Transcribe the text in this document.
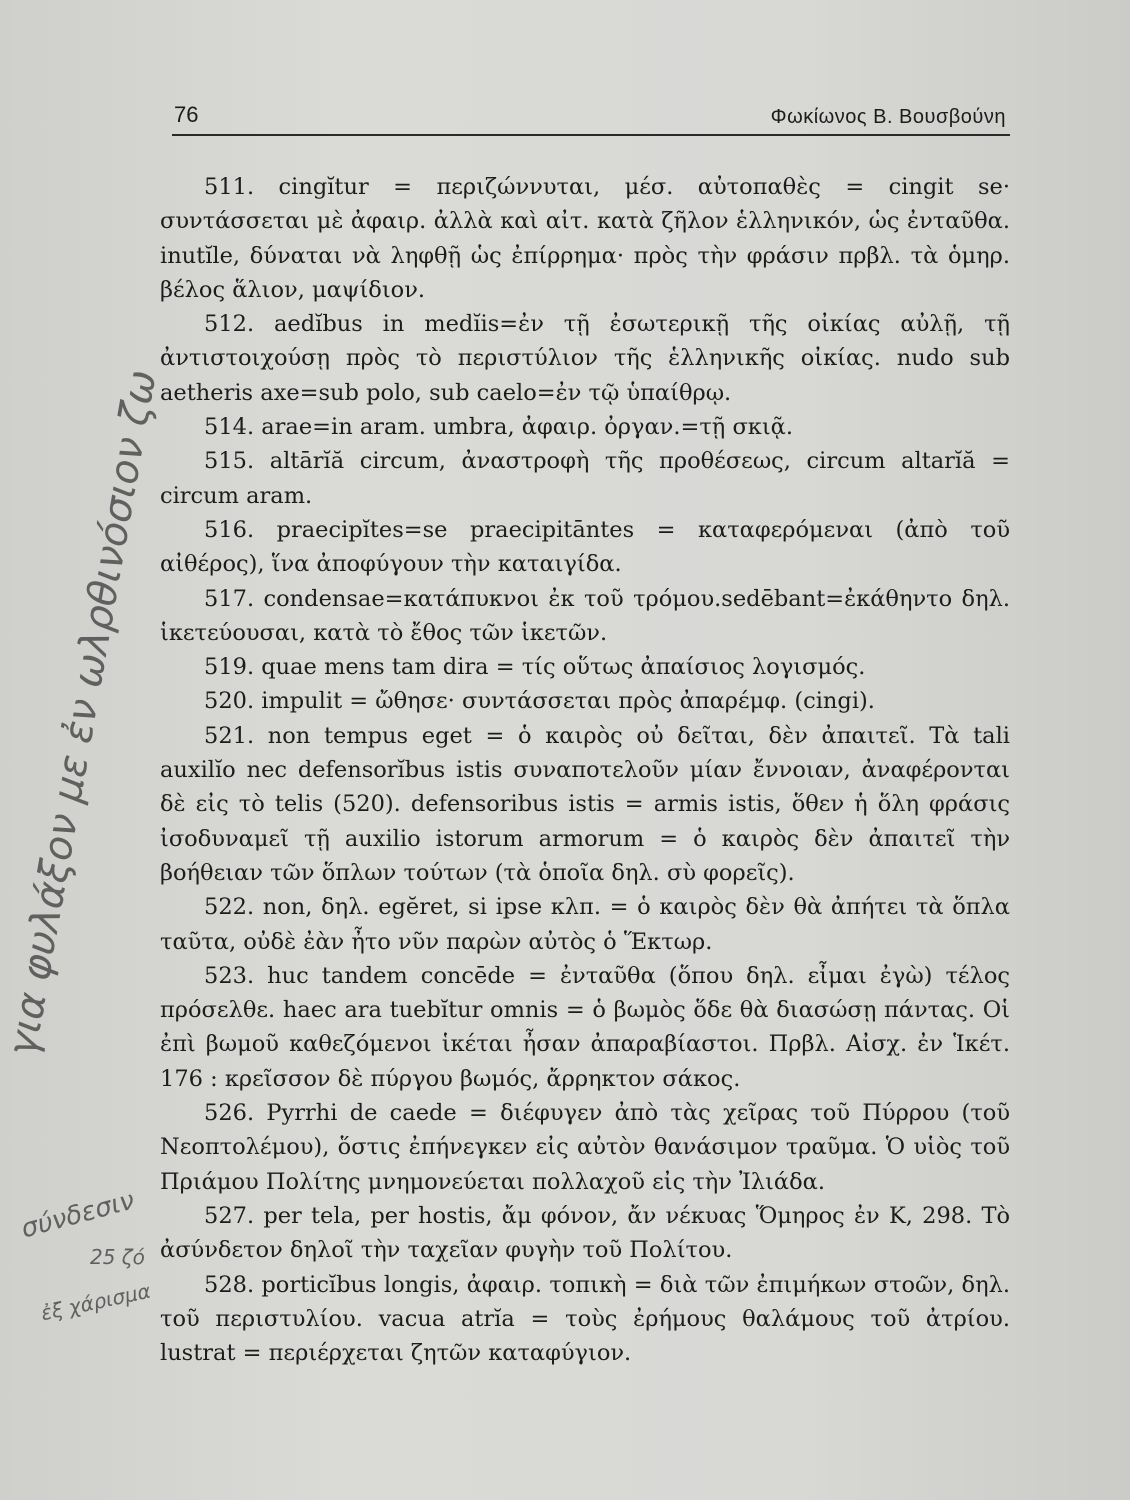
76	Φωκίωνος Β. Βουσβούνη

511. cingĭtur = περιζώννυται, μέσ. αὐτοπαθὲς = cingit se· συντάσσεται μὲ ἀφαιρ. ἀλλὰ καὶ αἰτ. κατὰ ζῆλον ἑλληνικόν, ὡς ἐνταῦθα. inutĭle, δύναται νὰ ληφθῇ ὡς ἐπίρρημα· πρὸς τὴν φράσιν πρβλ. τὰ ὁμηρ. βέλος ἅλιον, μαψίδιον.

512. aedĭbus in medĭis=ἐν τῇ ἐσωτερικῇ τῆς οἰκίας αὐλῇ, τῇ ἀντιστοιχούσῃ πρὸς τὸ περιστύλιον τῆς ἑλληνικῆς οἰκίας. nudo sub aetheris axe=sub polo, sub caelo=ἐν τῷ ὑπαίθρῳ.

514. arae=in aram. umbra, ἀφαιρ. ὀργαν.=τῇ σκιᾷ.

515. altārĭă circum, ἀναστροφὴ τῆς προθέσεως, circum altarĭă = circum aram.

516. praecipĭtes=se praecipitāntes = καταφερόμεναι (ἀπὸ τοῦ αἰθέρος), ἵνα ἀποφύγουν τὴν καταιγίδα.

517. condensae=κατάπυκνοι ἐκ τοῦ τρόμου.sedēbant=ἐκάθηντο δηλ. ἱκετεύουσαι, κατὰ τὸ ἔθος τῶν ἱκετῶν.

519. quae mens tam dira = τίς οὕτως ἀπαίσιος λογισμός.

520. impulit = ὤθησε· συντάσσεται πρὸς ἀπαρέμφ. (cingi).

521. non tempus eget = ὁ καιρὸς οὐ δεῖται, δὲν ἀπαιτεῖ. Τὰ tali auxilĭo nec defensorĭbus istis συναποτελοῦν μίαν ἔννοιαν, ἀναφέρονται δὲ εἰς τὸ telis (520). defensoribus istis = armis istis, ὅθεν ἡ ὅλη φράσις ἰσοδυναμεῖ τῇ auxilio istorum armorum = ὁ καιρὸς δὲν ἀπαιτεῖ τὴν βοήθειαν τῶν ὅπλων τούτων (τὰ ὁποῖα δηλ. σὺ φορεῖς).

522. non, δηλ. egĕret, si ipse κλπ. = ὁ καιρὸς δὲν θὰ ἀπήτει τὰ ὅπλα ταῦτα, οὐδὲ ἐὰν ἦτο νῦν παρὼν αὐτὸς ὁ Ἕκτωρ.

523. huc tandem concēde = ἐνταῦθα (ὅπου δηλ. εἶμαι ἐγὼ) τέλος πρόσελθε. haec ara tuebĭtur omnis = ὁ βωμὸς ὅδε θὰ διασώσῃ πάντας. Οἱ ἐπὶ βωμοῦ καθεζόμενοι ἱκέται ἦσαν ἀπαραβίαστοι. Πρβλ. Αἰσχ. ἐν Ἱκέτ. 176 : κρεῖσσον δὲ πύργου βωμός, ἄρρηκτον σάκος.

526. Pyrrhi de caede = διέφυγεν ἀπὸ τὰς χεῖρας τοῦ Πύρρου (τοῦ Νεοπτολέμου), ὅστις ἐπήνεγκεν εἰς αὐτὸν θανάσιμον τραῦμα. Ὁ υἱὸς τοῦ Πριάμου Πολίτης μνημονεύεται πολλαχοῦ εἰς τὴν Ἰλιάδα.

527. per tela, per hostis, ἄμ φόνον, ἄν νέκυας Ὅμηρος ἐν Κ, 298. Τὸ ἀσύνδετον δηλοῖ τὴν ταχεῖαν φυγὴν τοῦ Πολίτου.

528. porticĭbus longis, ἀφαιρ. τοπικὴ = διὰ τῶν ἐπιμήκων στοῶν, δηλ. τοῦ περιστυλίου. vacua atrĭa = τοὺς ἐρήμους θαλάμους τοῦ ἀτρίου. lustrat = περιέρχεται ζητῶν καταφύγιον.

για φυλάξον με ἐν ωλρθινόσιον ζω
σύνδεσιν
25 ζό
ἐξ χάρισμα
